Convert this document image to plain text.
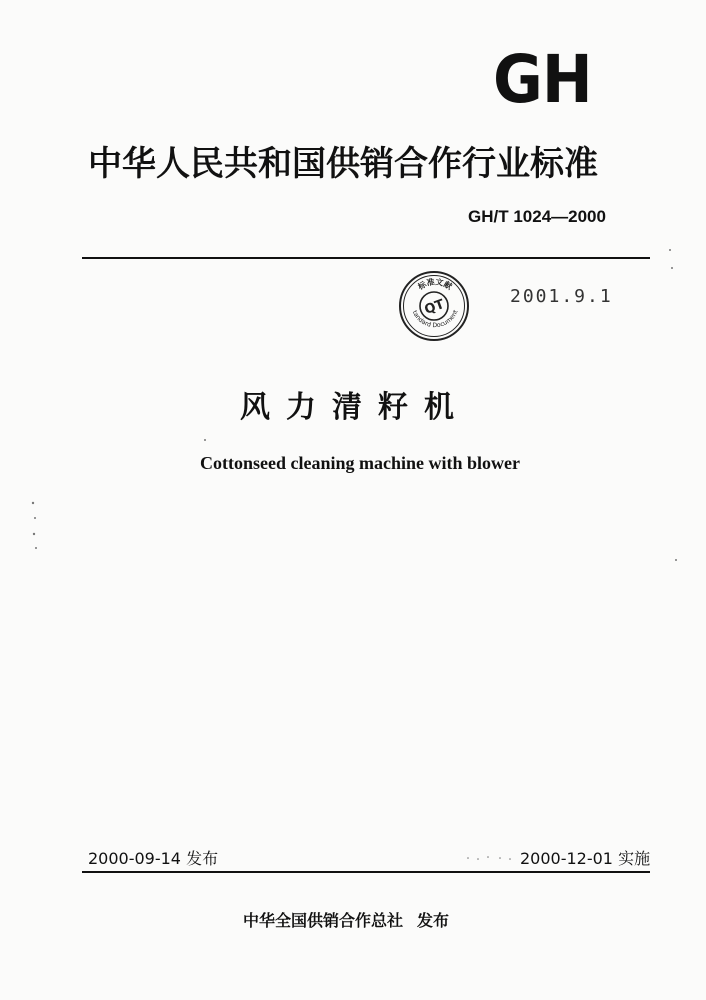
GH
中华人民共和国供销合作行业标准
GH/T 1024—2000
标准文献
QT
tandard Document
2001.9.1
风力清籽机
Cottonseed cleaning machine with blower
2000-09-14 发布	2000-12-01 实施
中华全国供销合作总社 发布
